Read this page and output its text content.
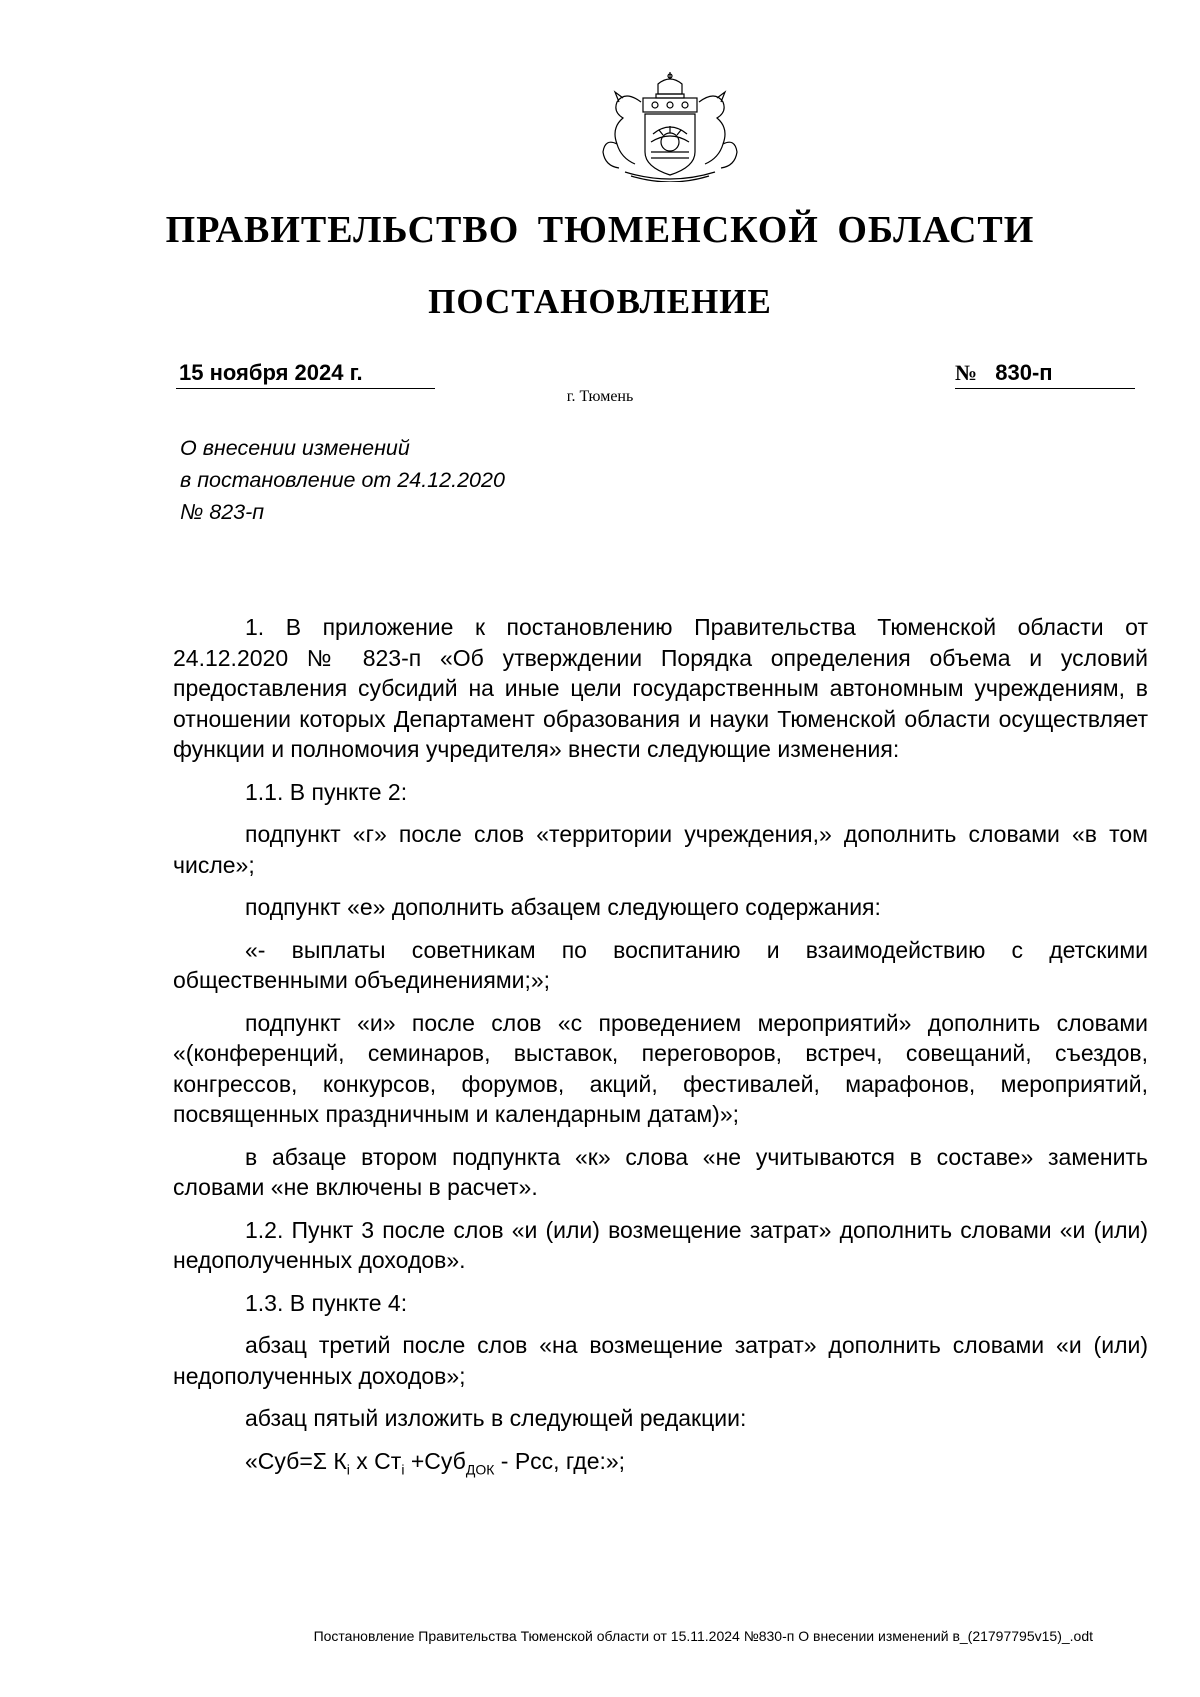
ПРАВИТЕЛЬСТВО ТЮМЕНСКОЙ ОБЛАСТИ
ПОСТАНОВЛЕНИЕ
15 ноября 2024 г.	№ 830-п
г. Тюмень
О внесении изменений
в постановление от 24.12.2020
№ 823-п

1. В приложение к постановлению Правительства Тюменской области от 24.12.2020 № 823-п «Об утверждении Порядка определения объема и условий предоставления субсидий на иные цели государственным автономным учреждениям, в отношении которых Департамент образования и науки Тюменской области осуществляет функции и полномочия учредителя» внести следующие изменения:

1.1. В пункте 2:

подпункт «г» после слов «территории учреждения,» дополнить словами «в том числе»;

подпункт «е» дополнить абзацем следующего содержания:

«- выплаты советникам по воспитанию и взаимодействию с детскими общественными объединениями;»;

подпункт «и» после слов «с проведением мероприятий» дополнить словами «(конференций, семинаров, выставок, переговоров, встреч, совещаний, съездов, конгрессов, конкурсов, форумов, акций, фестивалей, марафонов, мероприятий, посвященных праздничным и календарным датам)»;

в абзаце втором подпункта «к» слова «не учитываются в составе» заменить словами «не включены в расчет».

1.2. Пункт 3 после слов «и (или) возмещение затрат» дополнить словами «и (или) недополученных доходов».

1.3. В пункте 4:

абзац третий после слов «на возмещение затрат» дополнить словами «и (или) недополученных доходов»;

абзац пятый изложить в следующей редакции:

«Суб=Σ $К_i$ х $Ст_i +Суб_{ДОК}$ - Рсс, где:»;

Постановление Правительства Тюменской области от 15.11.2024 №830-п О внесении изменений в_(21797795v15)_.odt
